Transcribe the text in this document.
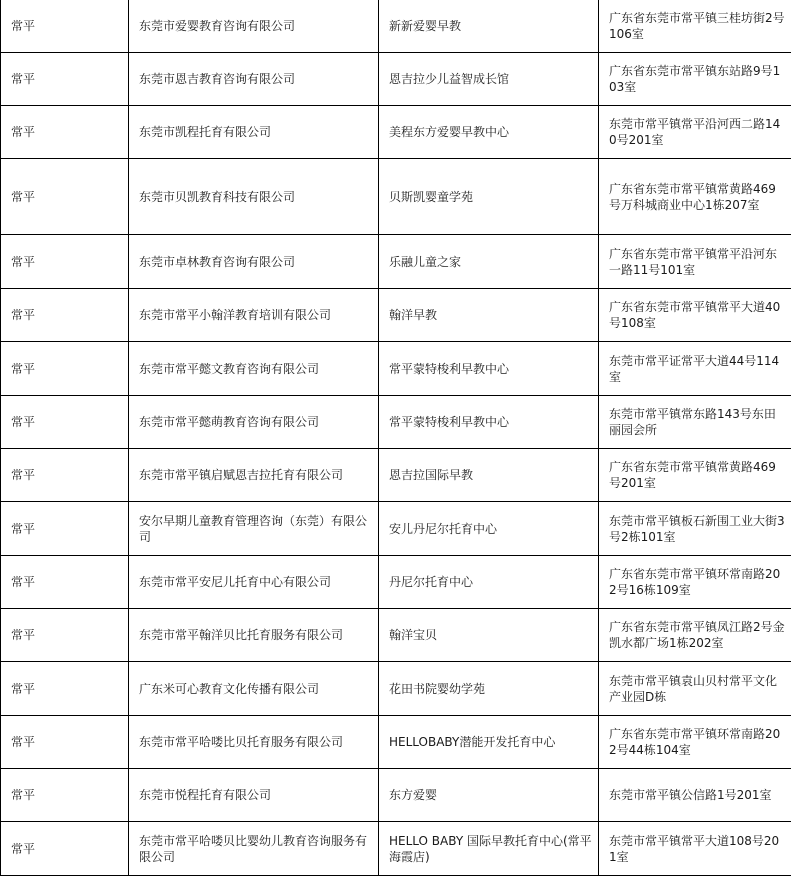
常平	东莞市爱婴教育咨询有限公司	新新爱婴早教	广东省东莞市常平镇三桂坊街2号106室
常平	东莞市恩吉教育咨询有限公司	恩吉拉少儿益智成长馆	广东省东莞市常平镇东站路9号103室
常平	东莞市凯程托育有限公司	美程东方爱婴早教中心	东莞市常平镇常平沿河西二路140号201室
常平	东莞市贝凯教育科技有限公司	贝斯凯婴童学苑	广东省东莞市常平镇常黄路469号万科城商业中心1栋207室
常平	东莞市卓林教育咨询有限公司	乐融儿童之家	广东省东莞市常平镇常平沿河东一路11号101室
常平	东莞市常平小翰洋教育培训有限公司	翰洋早教	广东省东莞市常平镇常平大道40号108室
常平	东莞市常平懿文教育咨询有限公司	常平蒙特梭利早教中心	东莞市常平证常平大道44号114室
常平	东莞市常平懿萌教育咨询有限公司	常平蒙特梭利早教中心	东莞市常平镇常东路143号东田丽园会所
常平	东莞市常平镇启赋恩吉拉托育有限公司	恩吉拉国际早教	广东省东莞市常平镇常黄路469号201室
常平	安尔早期儿童教育管理咨询（东莞）有限公司	安儿丹尼尔托育中心	东莞市常平镇板石新围工业大街3号2栋101室
常平	东莞市常平安尼儿托育中心有限公司	丹尼尔托育中心	广东省东莞市常平镇环常南路202号16栋109室
常平	东莞市常平翰洋贝比托育服务有限公司	翰洋宝贝	广东省东莞市常平镇凤江路2号金凯水都广场1栋202室
常平	广东米可心教育文化传播有限公司	花田书院婴幼学苑	东莞市常平镇袁山贝村常平文化产业园D栋
常平	东莞市常平哈喽比贝托育服务有限公司	HELLOBABY潜能开发托育中心	广东省东莞市常平镇环常南路202号44栋104室
常平	东莞市悦程托育有限公司	东方爱婴	东莞市常平镇公信路1号201室
常平	东莞市常平哈喽贝比婴幼儿教育咨询服务有限公司	HELLO BABY 国际早教托育中心(常平海霞店)	东莞市常平镇常平大道108号201室
